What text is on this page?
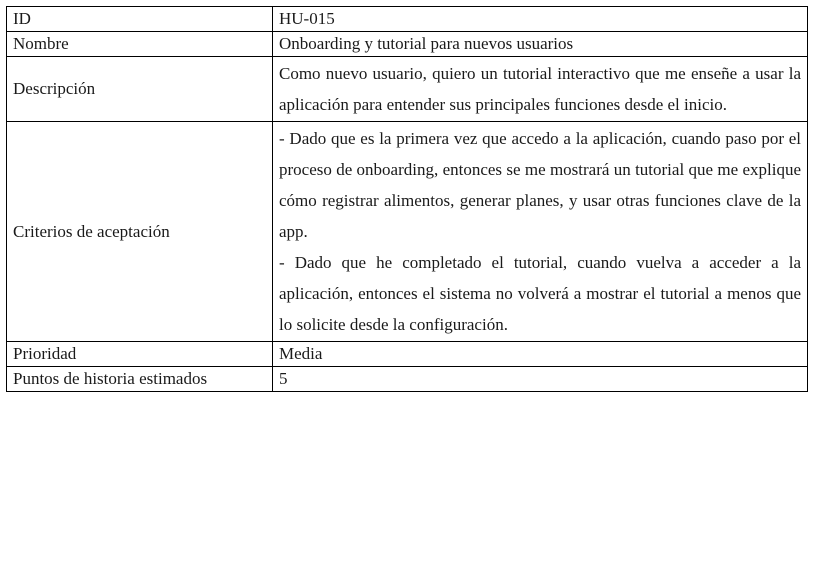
ID	HU-015
Nombre	Onboarding y tutorial para nuevos usuarios
Descripción	Como nuevo usuario, quiero un tutorial interactivo que me enseñe a usar la aplicación para entender sus principales funciones desde el inicio.
Criterios de aceptación	- Dado que es la primera vez que accedo a la aplicación, cuando paso por el proceso de onboarding, entonces se me mostrará un tutorial que me explique cómo registrar alimentos, generar planes, y usar otras funciones clave de la app.
- Dado que he completado el tutorial, cuando vuelva a acceder a la aplicación, entonces el sistema no volverá a mostrar el tutorial a menos que lo solicite desde la configuración.

Prioridad	Media
Puntos de historia estimados	5
